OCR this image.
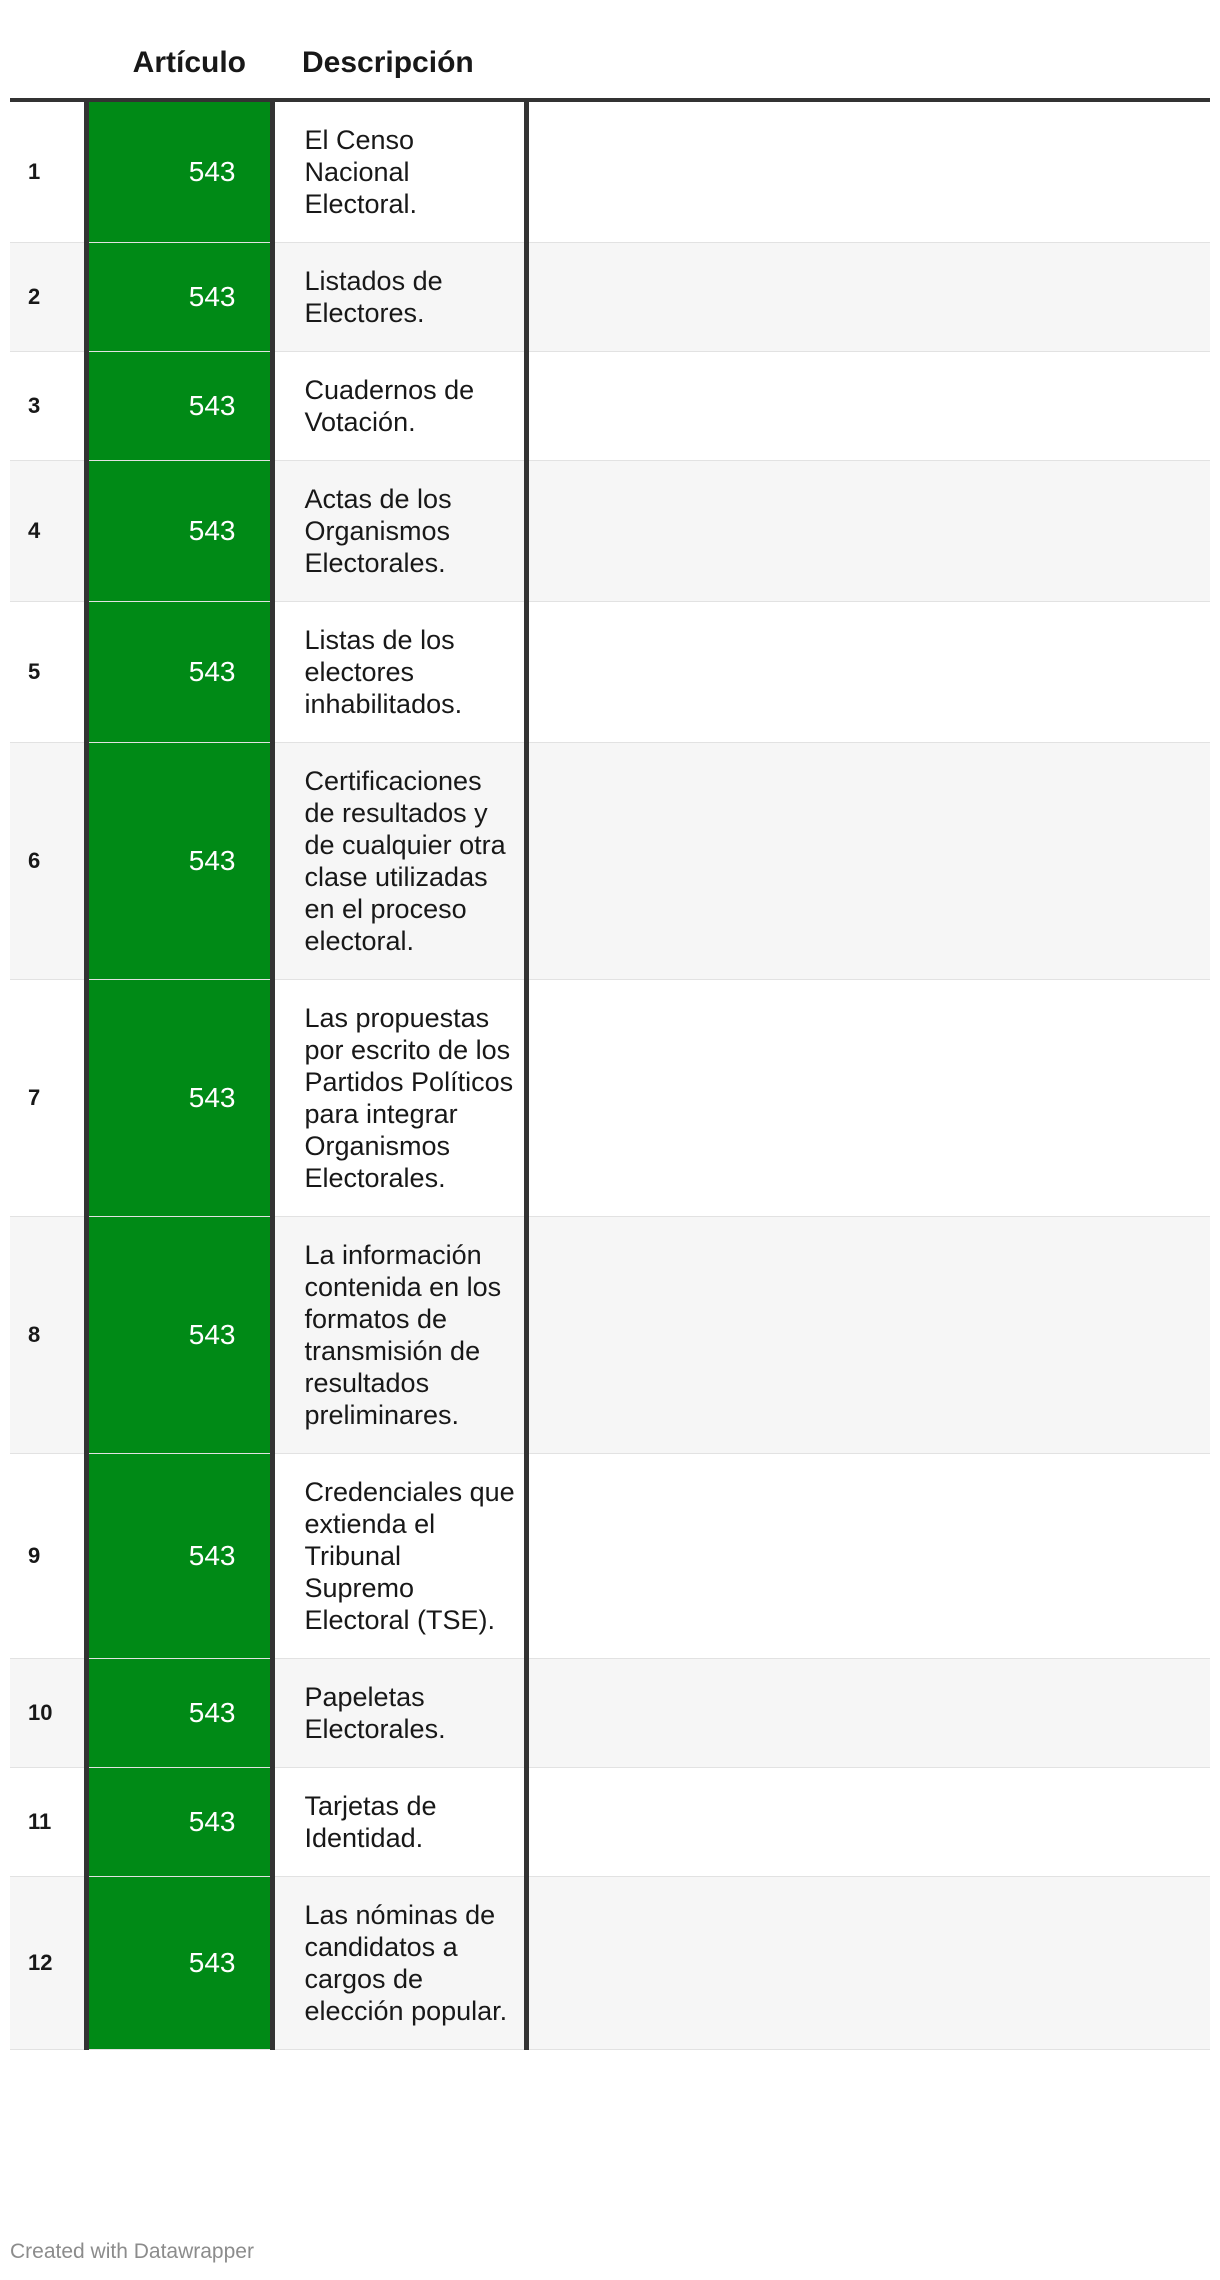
	Artículo	Descripción	

1	543	El Censo Nacional Electoral.	
2	543	Listados de Electores.	
3	543	Cuadernos de Votación.	
4	543	Actas de los Organismos Electorales.	
5	543	Listas de los electores inhabilitados.	
6	543	Certificaciones de resultados y de cualquier otra clase utilizadas en el proceso electoral.	
7	543	Las propuestas por escrito de los Partidos Políticos para integrar Organismos Electorales.	
8	543	La información contenida en los formatos de transmisión de resultados preliminares.	
9	543	Credenciales que extienda el Tribunal Supremo Electoral (TSE).	
10	543	Papeletas Electorales.	
11	543	Tarjetas de Identidad.	
12	543	Las nóminas de candidatos a cargos de elección popular.	
Created with Datawrapper
